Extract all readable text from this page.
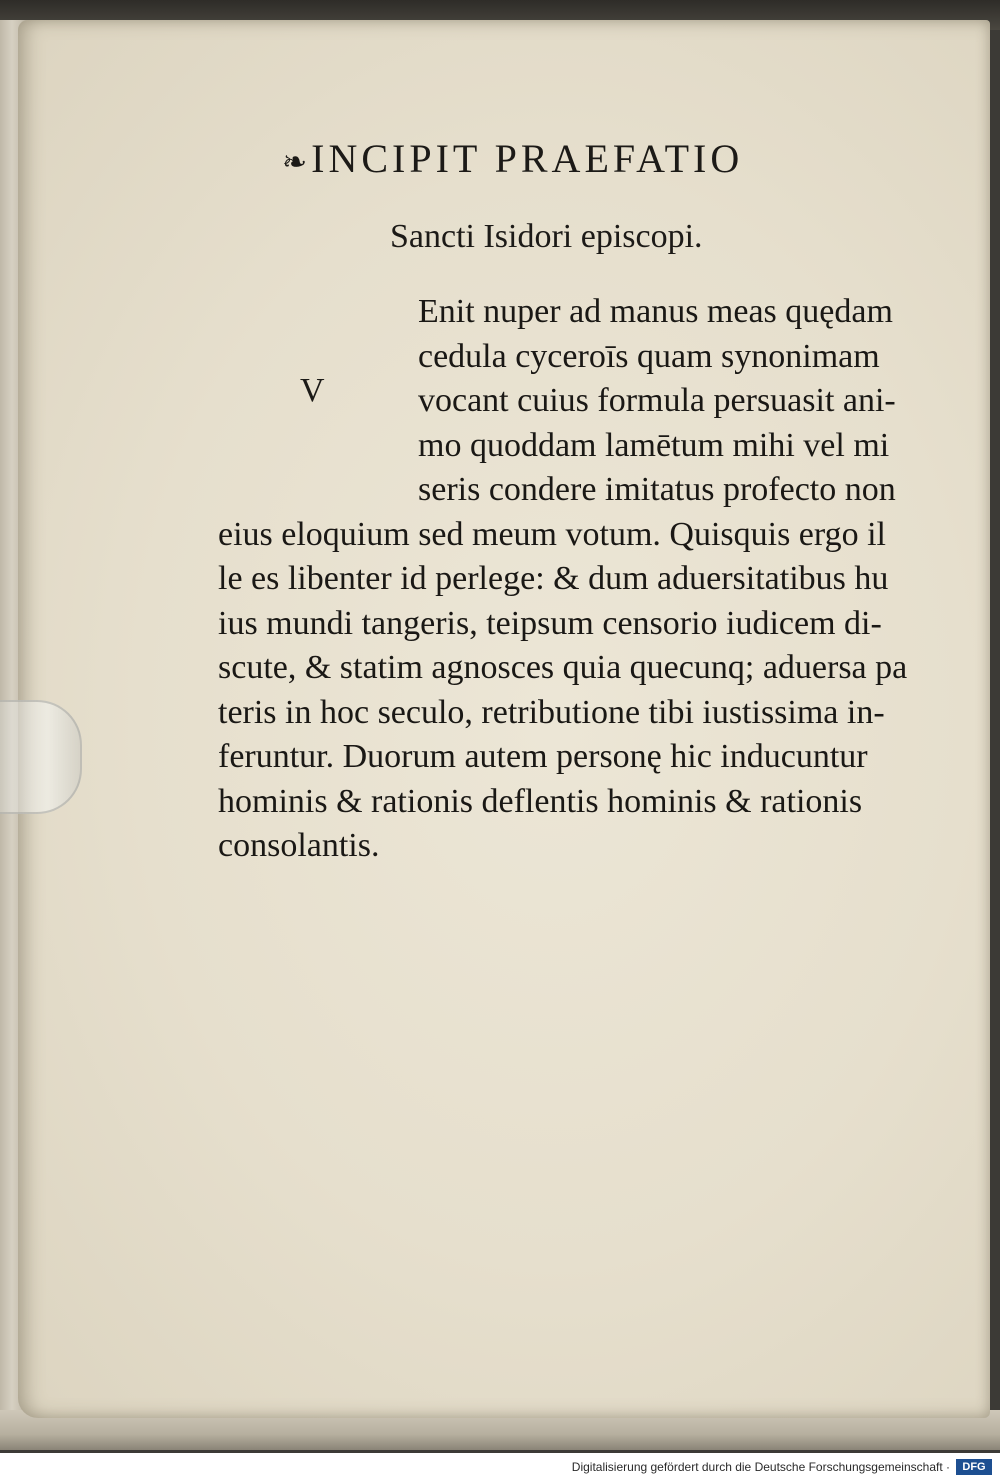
❧ INCIPIT PRAEFATIO
Sancti Isidori episcopi.
V
Enit nuper ad manus meas quędam
cedula cyceroīs quam synonimam
vocant cuius formula persuasit ani-
mo quoddam lamētum mihi vel mi
seris condere imitatus profecto non
eius eloquium sed meum votum. Quisquis ergo il
le es libenter id perlege: & dum aduersitatibus hu
ius mundi tangeris, teipsum censorio iudicem di-
scute, & statim agnosces quia quecunq; aduersa pa
teris in hoc seculo, retributione tibi iustissima in-
feruntur. Duorum autem personę hic inducuntur
hominis & rationis deflentis hominis & rationis
consolantis.
Digitalisierung gefördert durch die Deutsche Forschungsgemeinschaft ·	DFG
